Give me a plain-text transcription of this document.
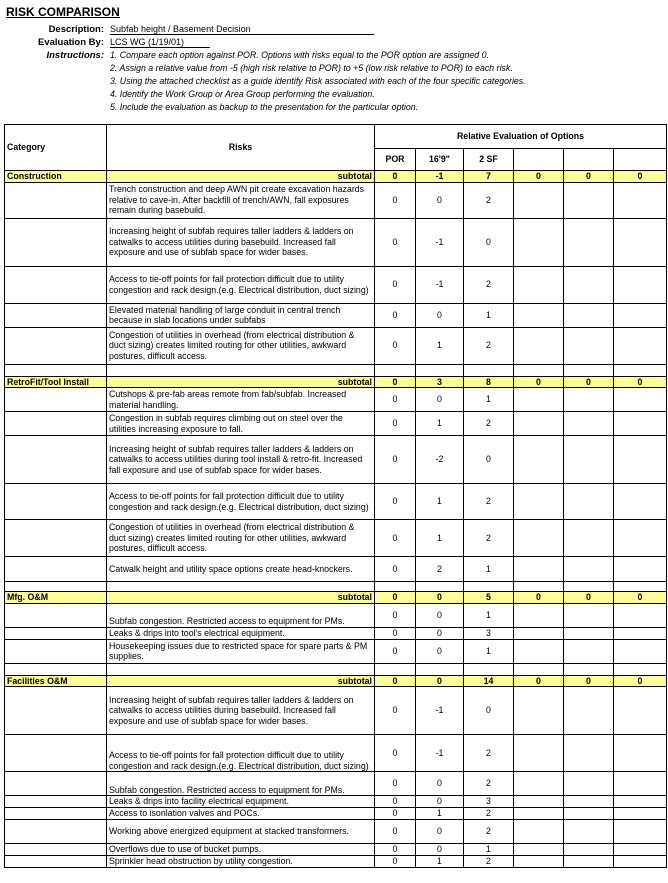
RISK COMPARISON
Description: Subfab height / Basement Decision
Evaluation By: LCS WG (1/19/01)
Instructions: 1. Compare each option against POR. Options with risks equal to the POR option are assigned 0.
2. Assign a relative value from -5 (high risk relative to POR) to +5 (low risk relative to POR) to each risk.
3. Using the attached checklist as a guide identify Risk associated with each of the four specific categories.
4. Identify the Work Group or Area Group performing the evaluation.
5. Include the evaluation as backup to the presentation for the particular option.
Category	Risks	Relative Evaluation of Options					
		POR	16'9"	2 SF			
Construction	subtotal	0	-1	7	0	0	0
	Trench construction and deep AWN pit create excavation hazards relative to cave-in. After backfill of trench/AWN, fall exposures remain during basebuild.	0	0	2			
	Increasing height of subfab requires taller ladders & ladders on catwalks to access utilities during basebuild. Increased fall exposure and use of subfab space for wider bases.	0	-1	0			
	Access to tie-off points for fall protection difficult due to utility congestion and rack design.(e.g. Electrical distribution, duct sizing)	0	-1	2			
	Elevated material handling of large conduit in central trench because in slab locations under subfabs	0	0	1			
	Congestion of utilities in overhead (from electrical distribution & duct sizing) creates limited routing for other utilities, awkward postures, difficult access.	0	1	2			

RetroFit/Tool Install	subtotal	0	3	8	0	0	0
	Cutshops & pre-fab areas remote from fab/subfab. Increased material handling.	0	0	1			
	Congestion in subfab requires climbing out on steel over the utilities increasing exposure to fall.	0	1	2			
	Increasing height of subfab requires taller ladders & ladders on catwalks to access utilities during tool install & retro-fit. Increased fall exposure and use of subfab space for wider bases.	0	-2	0			
	Access to tie-off points for fall protection difficult due to utility congestion and rack design.(e.g. Electrical distribution, duct sizing)	0	1	2			
	Congestion of utilities in overhead (from electrical distribution & duct sizing) creates limited routing for other utilities, awkward postures, difficult access.	0	1	2			
	Catwalk height and utility space options create head-knockers.	0	2	1			

Mfg. O&M	subtotal	0	0	5	0	0	0
	Subfab congestion. Restricted access to equipment for PMs.	0	0	1			
	Leaks & drips into tool's electrical equipment.	0	0	3			
	Housekeeping issues due to restricted space for spare parts & PM supplies.	0	0	1			

Facilities O&M	subtotal	0	0	14	0	0	0
	Increasing height of subfab requires taller ladders & ladders on catwalks to access utilities during basebuild. Increased fall exposure and use of subfab space for wider bases.	0	-1	0			
	Access to tie-off points for fall protection difficult due to utility congestion and rack design.(e.g. Electrical distribution, duct sizing)	0	-1	2			
	Subfab congestion. Restricted access to equipment for PMs.	0	0	2			
	Leaks & drips into facility electrical equipment.	0	0	3			
	Access to isonlation valves and POCs.	0	1	2			
	Working above energized equipment at stacked transformers.	0	0	2			
	Overflows due to use of bucket pumps.	0	0	1			
	Sprinkler head obstruction by utility congestion.	0	1	2			
